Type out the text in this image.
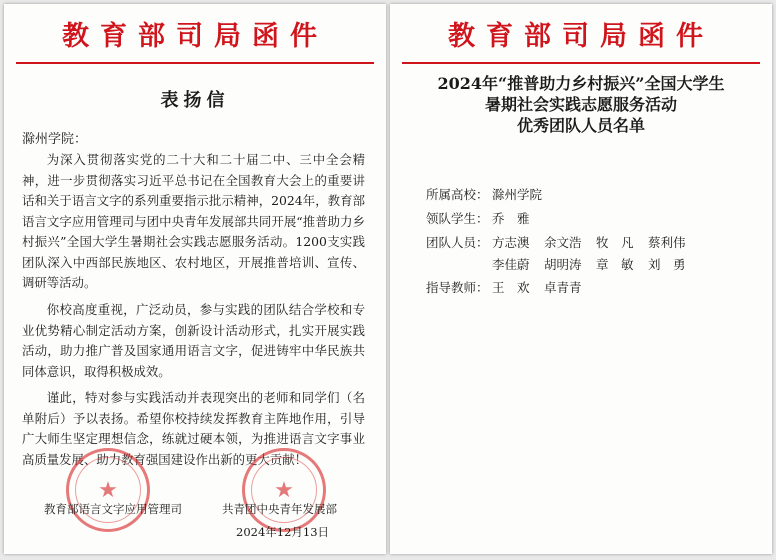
教育部司局函件
表扬信
滁州学院：

为深入贯彻落实党的二十大和二十届二中、三中全会精神，进一步贯彻落实习近平总书记在全国教育大会上的重要讲话和关于语言文字的系列重要指示批示精神，2024年，教育部语言文字应用管理司与团中央青年发展部共同开展“推普助力乡村振兴”全国大学生暑期社会实践志愿服务活动。1200支实践团队深入中西部民族地区、农村地区，开展推普培训、宣传、调研等活动。

你校高度重视，广泛动员，参与实践的团队结合学校和专业优势精心制定活动方案，创新设计活动形式，扎实开展实践活动，助力推广普及国家通用语言文字，促进铸牢中华民族共同体意识，取得积极成效。

谨此，特对参与实践活动并表现突出的老师和同学们（名单附后）予以表扬。希望你校持续发挥教育主阵地作用，引导广大师生坚定理想信念，练就过硬本领，为推进语言文字事业高质量发展、助力教育强国建设作出新的更大贡献！

★	★
教育部语言文字应用管理司	共青团中央青年发展部
2024年12月13日
教育部司局函件
2024年“推普助力乡村振兴”全国大学生
暑期社会实践志愿服务活动
优秀团队人员名单
所属高校： 滁州学院
领队学生： 乔　雅
团队人员： 方志澳 余文浩 牧　凡 蔡利伟
李佳蔚 胡明涛 章　敏 刘　勇
指导教师： 王　欢 卓青青
